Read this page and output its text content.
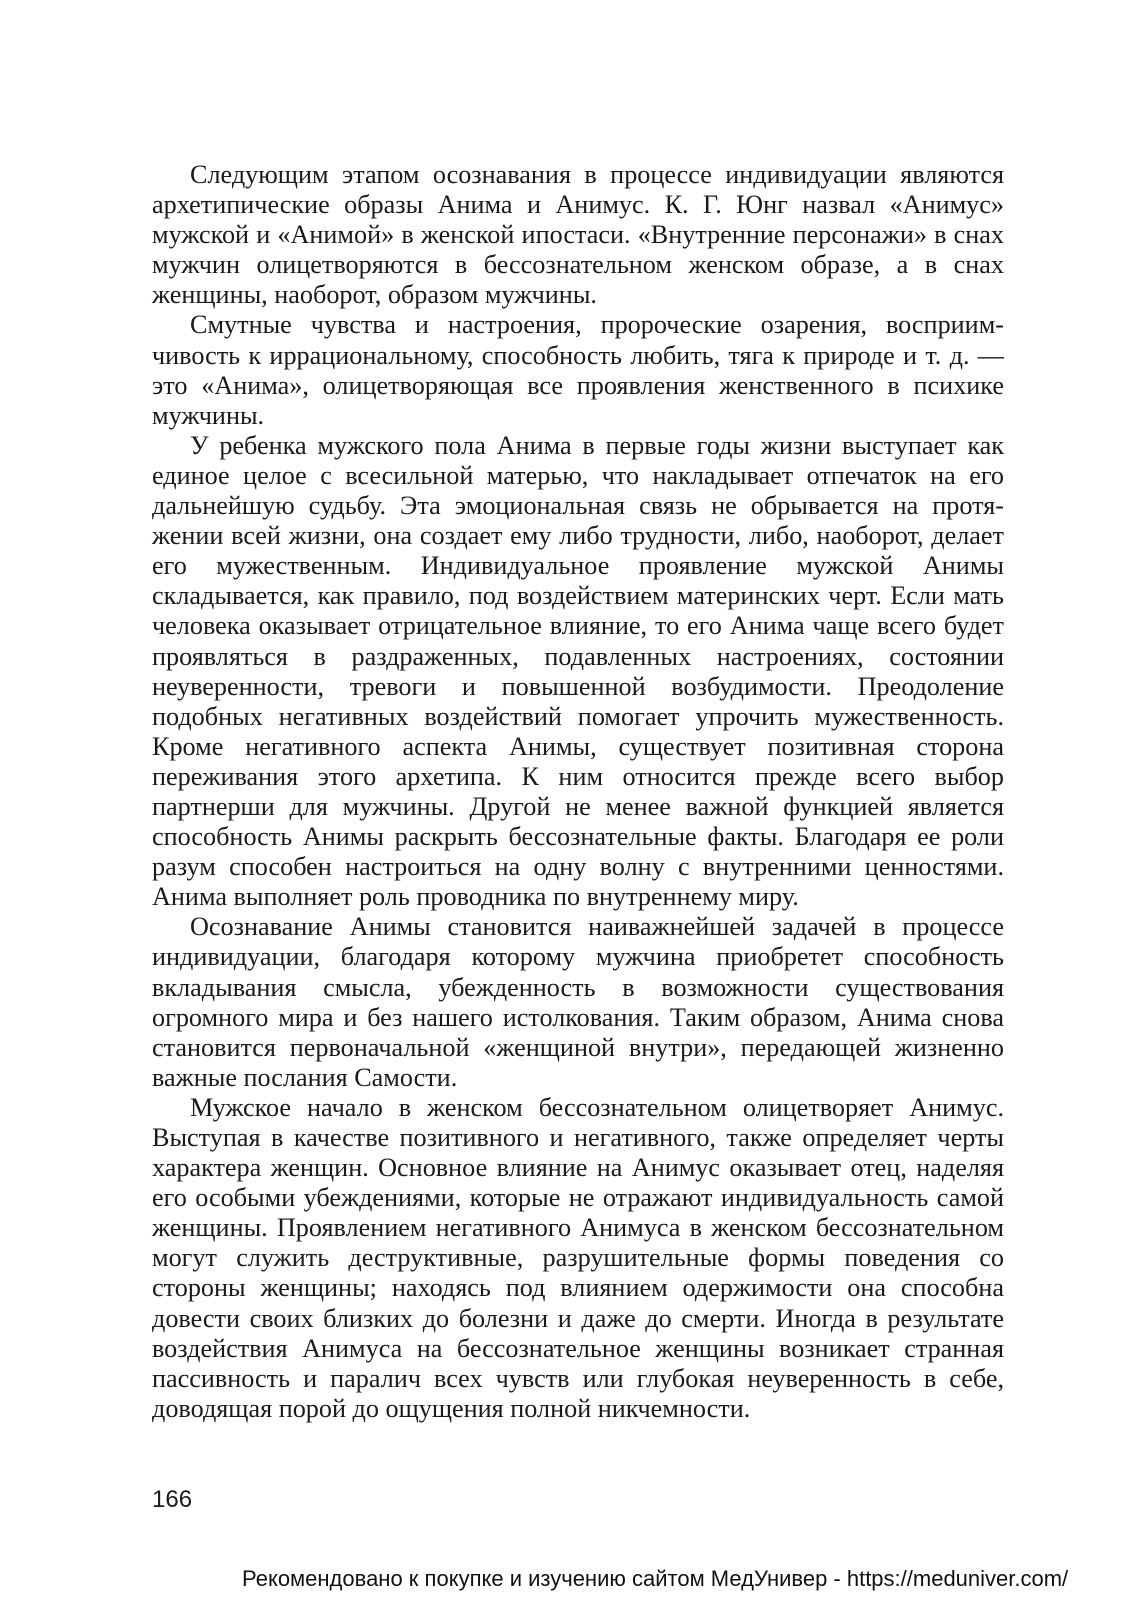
Следующим этапом осознавания в процессе индивидуации являются архетипические образы Анима и Анимус. К. Г. Юнг назвал «Анимус» мужской и «Анимой» в женской ипостаси. «Внутренние персонажи» в снах мужчин олицетворяются в бессознательном женском образе, а в снах женщины, наоборот, образом мужчины.

Смутные чувства и настроения, пророческие озарения, восприимчивость к иррациональному, способность любить, тяга к природе и т. д. — это «Анима», олицетворяющая все проявления женственного в психике мужчины.

У ребенка мужского пола Анима в первые годы жизни выступает как единое целое с всесильной матерью, что накладывает отпечаток на его дальнейшую судьбу. Эта эмоциональная связь не обрывается на протяжении всей жизни, она создает ему либо трудности, либо, наоборот, делает его мужественным. Индивидуальное проявление мужской Анимы складывается, как правило, под воздействием материнских черт. Если мать человека оказывает отрицательное влияние, то его Анима чаще всего будет проявляться в раздраженных, подавленных настроениях, состоянии неуверенности, тревоги и повышенной возбудимости. Преодоление подобных негативных воздействий помогает упрочить мужественность. Кроме негативного аспекта Анимы, существует позитивная сторона переживания этого архетипа. К ним относится прежде всего выбор партнерши для мужчины. Другой не менее важной функцией является способность Анимы раскрыть бессознательные факты. Благодаря ее роли разум способен настроиться на одну волну с внутренними ценностями. Анима выполняет роль проводника по внутреннему миру.

Осознавание Анимы становится наиважнейшей задачей в процессе индивидуации, благодаря которому мужчина приобретет способность вкладывания смысла, убежденность в возможности существования огромного мира и без нашего истолкования. Таким образом, Анима снова становится первоначальной «женщиной внутри», передающей жизненно важные послания Самости.

Мужское начало в женском бессознательном олицетворяет Анимус. Выступая в качестве позитивного и негативного, также определяет черты характера женщин. Основное влияние на Анимус оказывает отец, наделяя его особыми убеждениями, которые не отражают индивидуальность самой женщины. Проявлением негативного Анимуса в женском бессознательном могут служить деструктивные, разрушительные формы поведения со стороны женщины; находясь под влиянием одержимости она способна довести своих близких до болезни и даже до смерти. Иногда в результате воздействия Анимуса на бессознательное женщины возникает странная пассивность и паралич всех чувств или глубокая неуверенность в себе, доводящая порой до ощущения полной никчемности.

166
Рекомендовано к покупке и изучению сайтом МедУнивер - https://meduniver.com/
